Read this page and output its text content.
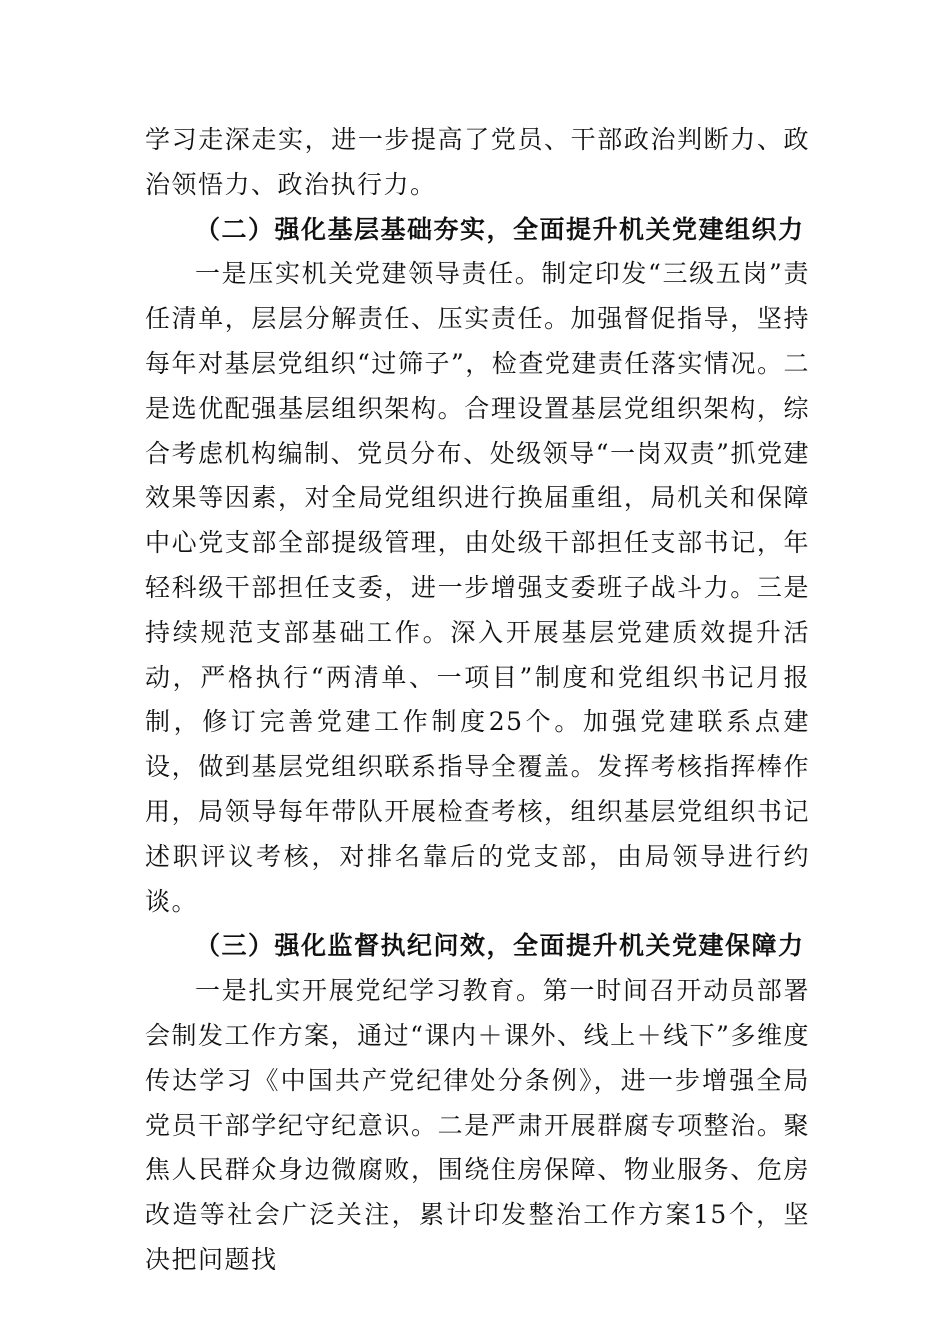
学习走深走实，进一步提高了党员、干部政治判断力、政治领悟力、政治执行力。

（二）强化基层基础夯实，全面提升机关党建组织力

一是压实机关党建领导责任。制定印发“三级五岗”责任清单，层层分解责任、压实责任。加强督促指导，坚持每年对基层党组织“过筛子”，检查党建责任落实情况。二是选优配强基层组织架构。合理设置基层党组织架构，综合考虑机构编制、党员分布、处级领导“一岗双责”抓党建效果等因素，对全局党组织进行换届重组，局机关和保障中心党支部全部提级管理，由处级干部担任支部书记，年轻科级干部担任支委，进一步增强支委班子战斗力。三是持续规范支部基础工作。深入开展基层党建质效提升活动，严格执行“两清单、一项目”制度和党组织书记月报制，修订完善党建工作制度25个。加强党建联系点建设，做到基层党组织联系指导全覆盖。发挥考核指挥棒作用，局领导每年带队开展检查考核，组织基层党组织书记述职评议考核，对排名靠后的党支部，由局领导进行约谈。

（三）强化监督执纪问效，全面提升机关党建保障力

一是扎实开展党纪学习教育。第一时间召开动员部署会制发工作方案，通过“课内＋课外、线上＋线下”多维度传达学习《中国共产党纪律处分条例》，进一步增强全局党员干部学纪守纪意识。二是严肃开展群腐专项整治。聚焦人民群众身边微腐败，围绕住房保障、物业服务、危房改造等社会广泛关注，累计印发整治工作方案15个，坚决把问题找
